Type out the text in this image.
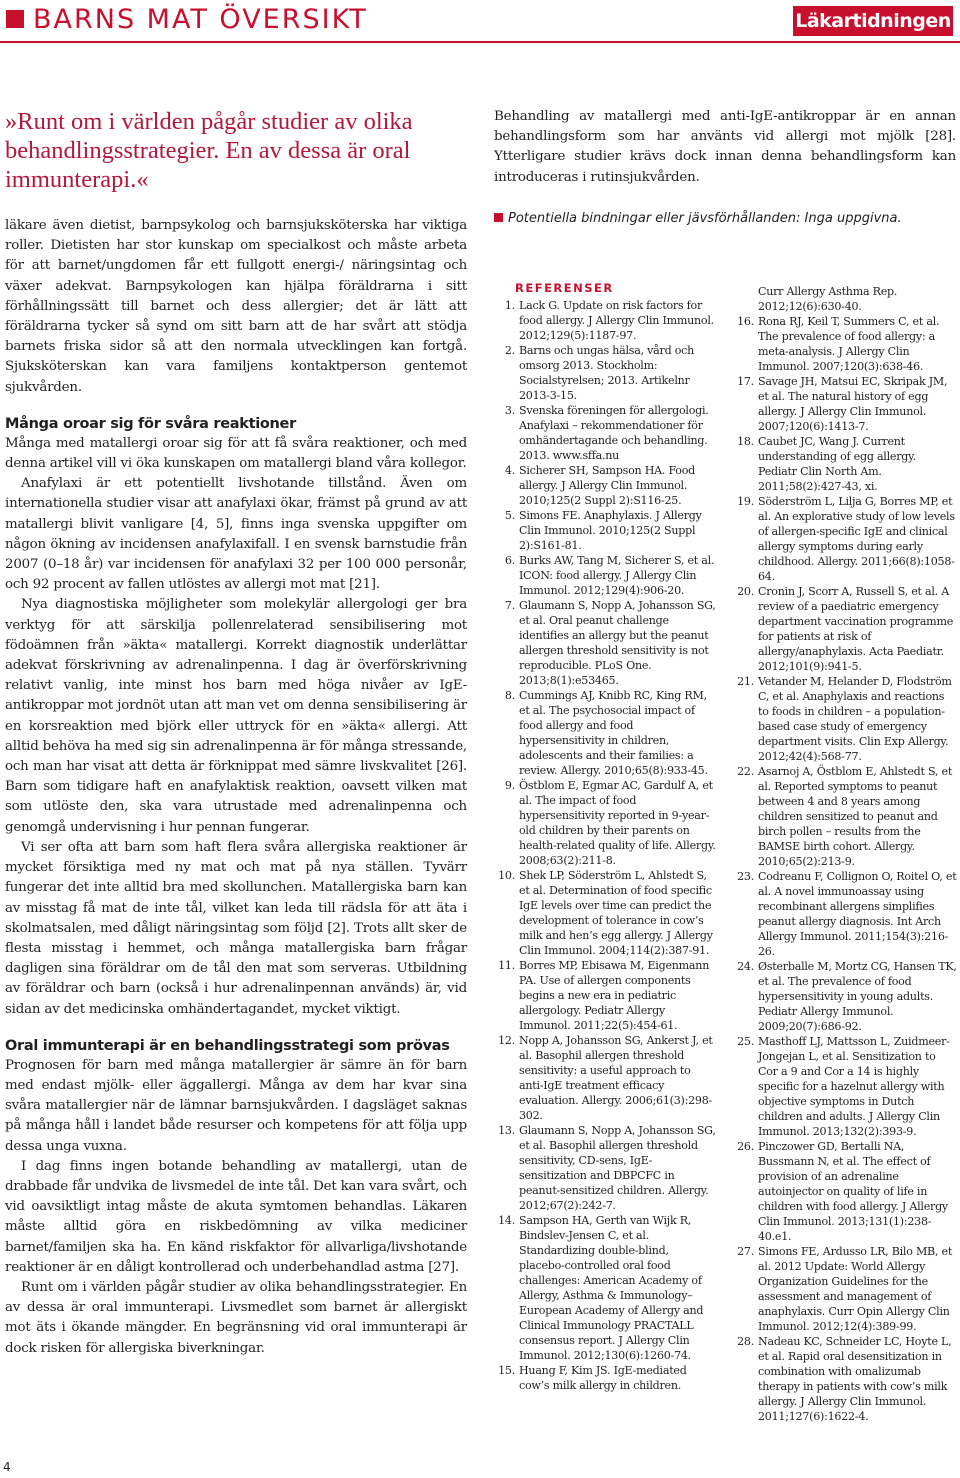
BARNS MAT ÖVERSIKT	Läkartidningen
»Runt om i världen pågår studier av olika behandlingsstrategier. En av dessa är oral immunterapi.«

läkare även dietist, barnpsykolog och barnsjuksköterska har viktiga roller. Dietisten har stor kunskap om specialkost och måste arbeta för att barnet/ungdomen får ett fullgott energi-/ näringsintag och växer adekvat. Barnpsykologen kan hjälpa föräldrarna i sitt förhållningssätt till barnet och dess allergier; det är lätt att föräldrarna tycker så synd om sitt barn att de har svårt att stödja barnets friska sidor så att den normala utvecklingen kan fortgå. Sjuksköterskan kan vara familjens kontaktperson gentemot sjukvården.

Många oroar sig för svåra reaktioner

Många med matallergi oroar sig för att få svåra reaktioner, och med denna artikel vill vi öka kunskapen om matallergi bland våra kollegor.

Anafylaxi är ett potentiellt livshotande tillstånd. Även om internationella studier visar att anafylaxi ökar, främst på grund av att matallergi blivit vanligare [4, 5], finns inga svenska uppgifter om någon ökning av incidensen anafylaxifall. I en svensk barnstudie från 2007 (0–18 år) var incidensen för anafylaxi 32 per 100 000 personår, och 92 procent av fallen utlöstes av allergi mot mat [21].

Nya diagnostiska möjligheter som molekylär allergologi ger bra verktyg för att särskilja pollenrelaterad sensibilisering mot födoämnen från »äkta« matallergi. Korrekt diagnostik underlättar adekvat förskrivning av adrenalinpenna. I dag är överförskrivning relativt vanlig, inte minst hos barn med höga nivåer av IgE-antikroppar mot jordnöt utan att man vet om denna sensibilisering är en korsreaktion med björk eller uttryck för en »äkta« allergi. Att alltid behöva ha med sig sin adrenalinpenna är för många stressande, och man har visat att detta är förknippat med sämre livskvalitet [26]. Barn som tidigare haft en anafylaktisk reaktion, oavsett vilken mat som utlöste den, ska vara utrustade med adrenalinpenna och genomgå undervisning i hur pennan fungerar.

Vi ser ofta att barn som haft flera svåra allergiska reaktioner är mycket försiktiga med ny mat och mat på nya ställen. Tyvärr fungerar det inte alltid bra med skollunchen. Matallergiska barn kan av misstag få mat de inte tål, vilket kan leda till rädsla för att äta i skolmatsalen, med dåligt näringsintag som följd [2]. Trots allt sker de flesta misstag i hemmet, och många matallergiska barn frågar dagligen sina föräldrar om de tål den mat som serveras. Utbildning av föräldrar och barn (också i hur adrenalinpennan används) är, vid sidan av det medicinska omhändertagandet, mycket viktigt.

Oral immunterapi är en behandlingsstrategi som prövas

Prognosen för barn med många matallergier är sämre än för barn med endast mjölk- eller äggallergi. Många av dem har kvar sina svåra matallergier när de lämnar barnsjukvården. I dagsläget saknas på många håll i landet både resurser och kompetens för att följa upp dessa unga vuxna.

I dag finns ingen botande behandling av matallergi, utan de drabbade får undvika de livsmedel de inte tål. Det kan vara svårt, och vid oavsiktligt intag måste de akuta symtomen behandlas. Läkaren måste alltid göra en riskbedömning av vilka mediciner barnet/familjen ska ha. En känd riskfaktor för allvarliga/livshotande reaktioner är en dåligt kontrollerad och underbehandlad astma [27].

Runt om i världen pågår studier av olika behandlingsstrategier. En av dessa är oral immunterapi. Livsmedlet som barnet är allergiskt mot äts i ökande mängder. En begränsning vid oral immunterapi är dock risken för allergiska biverkningar.

Behandling av matallergi med anti-IgE-antikroppar är en annan behandlingsform som har använts vid allergi mot mjölk [28]. Ytterligare studier krävs dock innan denna behandlingsform kan introduceras i rutinsjukvården.

Potentiella bindningar eller jävsförhållanden: Inga uppgivna.
REFERENSER
1. Lack G. Update on risk factors for food allergy. J Allergy Clin Immunol. 2012;129(5):1187-97.
2. Barns och ungas hälsa, vård och omsorg 2013. Stockholm: Socialstyrelsen; 2013. Artikelnr 2013-3-15.
3. Svenska föreningen för allergologi. Anafylaxi – rekommendationer för omhändertagande och behandling. 2013. www.sffa.nu
4. Sicherer SH, Sampson HA. Food allergy. J Allergy Clin Immunol. 2010;125(2 Suppl 2):S116-25.
5. Simons FE. Anaphylaxis. J Allergy Clin Immunol. 2010;125(2 Suppl 2):S161-81.
6. Burks AW, Tang M, Sicherer S, et al. ICON: food allergy. J Allergy Clin Immunol. 2012;129(4):906-20.
7. Glaumann S, Nopp A, Johansson SG, et al. Oral peanut challenge identifies an allergy but the peanut allergen threshold sensitivity is not reproducible. PLoS One. 2013;8(1):e53465.
8. Cummings AJ, Knibb RC, King RM, et al. The psychosocial impact of food allergy and food hypersensitivity in children, adolescents and their families: a review. Allergy. 2010;65(8):933-45.
9. Östblom E, Egmar AC, Gardulf A, et al. The impact of food hypersensitivity reported in 9-year-old children by their parents on health-related quality of life. Allergy. 2008;63(2):211-8.
10. Shek LP, Söderström L, Ahlstedt S, et al. Determination of food specific IgE levels over time can predict the development of tolerance in cow’s milk and hen’s egg allergy. J Allergy Clin Immunol. 2004;114(2):387-91.
11. Borres MP, Ebisawa M, Eigenmann PA. Use of allergen components begins a new era in pediatric allergology. Pediatr Allergy Immunol. 2011;22(5):454-61.
12. Nopp A, Johansson SG, Ankerst J, et al. Basophil allergen threshold sensitivity: a useful approach to anti-IgE treatment efficacy evaluation. Allergy. 2006;61(3):298-302.
13. Glaumann S, Nopp A, Johansson SG, et al. Basophil allergen threshold sensitivity, CD-sens, IgE-sensitization and DBPCFC in peanut-sensitized children. Allergy. 2012;67(2):242-7.
14. Sampson HA, Gerth van Wijk R, Bindslev-Jensen C, et al. Standardizing double-blind, placebo-controlled oral food challenges: American Academy of Allergy, Asthma & Immunology–European Academy of Allergy and Clinical Immunology PRACTALL consensus report. J Allergy Clin Immunol. 2012;130(6):1260-74.
15. Huang F, Kim JS. IgE-mediated cow’s milk allergy in children.
Curr Allergy Asthma Rep. 2012;12(6):630-40.
16. Rona RJ, Keil T, Summers C, et al. The prevalence of food allergy: a meta-analysis. J Allergy Clin Immunol. 2007;120(3):638-46.
17. Savage JH, Matsui EC, Skripak JM, et al. The natural history of egg allergy. J Allergy Clin Immunol. 2007;120(6):1413-7.
18. Caubet JC, Wang J. Current understanding of egg allergy. Pediatr Clin North Am. 2011;58(2):427-43, xi.
19. Söderström L, Lilja G, Borres MP, et al. An explorative study of low levels of allergen-specific IgE and clinical allergy symptoms during early childhood. Allergy. 2011;66(8):1058-64.
20. Cronin J, Scorr A, Russell S, et al. A review of a paediatric emergency department vaccination programme for patients at risk of allergy/anaphylaxis. Acta Paediatr. 2012;101(9):941-5.
21. Vetander M, Helander D, Flodström C, et al. Anaphylaxis and reactions to foods in children – a population-based case study of emergency department visits. Clin Exp Allergy. 2012;42(4):568-77.
22. Asarnoj A, Östblom E, Ahlstedt S, et al. Reported symptoms to peanut between 4 and 8 years among children sensitized to peanut and birch pollen – results from the BAMSE birth cohort. Allergy. 2010;65(2):213-9.
23. Codreanu F, Collignon O, Roitel O, et al. A novel immunoassay using recombinant allergens simplifies peanut allergy diagnosis. Int Arch Allergy Immunol. 2011;154(3):216-26.
24. Østerballe M, Mortz CG, Hansen TK, et al. The prevalence of food hypersensitivity in young adults. Pediatr Allergy Immunol. 2009;20(7):686-92.
25. Masthoff LJ, Mattsson L, Zuidmeer-Jongejan L, et al. Sensitization to Cor a 9 and Cor a 14 is highly specific for a hazelnut allergy with objective symptoms in Dutch children and adults. J Allergy Clin Immunol. 2013;132(2):393-9.
26. Pinczower GD, Bertalli NA, Bussmann N, et al. The effect of provision of an adrenaline autoinjector on quality of life in children with food allergy. J Allergy Clin Immunol. 2013;131(1):238-40.e1.
27. Simons FE, Ardusso LR, Bilo MB, et al. 2012 Update: World Allergy Organization Guidelines for the assessment and management of anaphylaxis. Curr Opin Allergy Clin Immunol. 2012;12(4):389-99.
28. Nadeau KC, Schneider LC, Hoyte L, et al. Rapid oral desensitization in combination with omalizumab therapy in patients with cow’s milk allergy. J Allergy Clin Immunol. 2011;127(6):1622-4.
4
